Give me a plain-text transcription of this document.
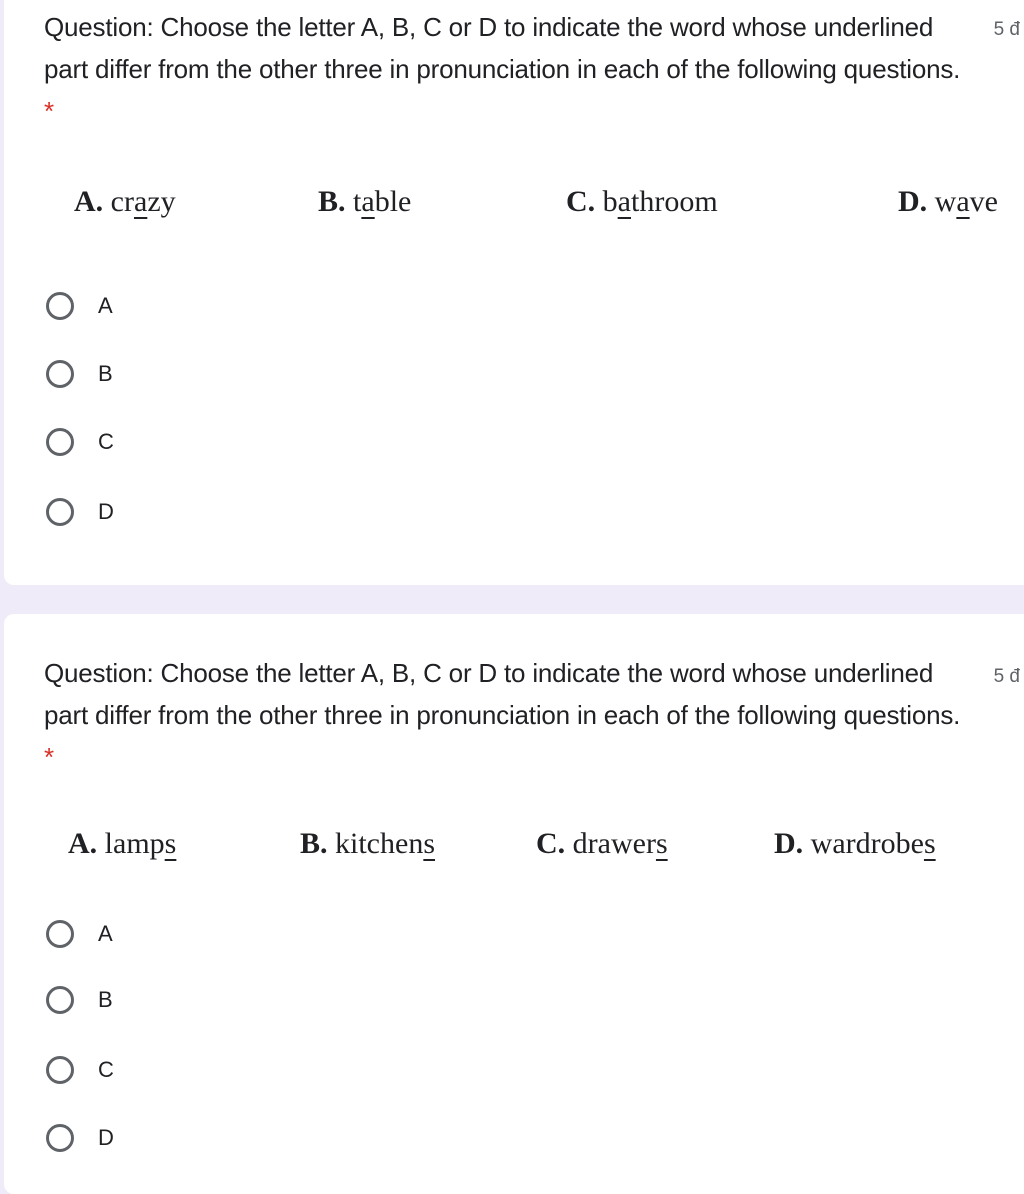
Question: Choose the letter A, B, C or D to indicate the word whose underlined part differ from the other three in pronunciation in each of the following questions. *
5 đ
A. crazy	B. table	C. bathroom	D. wave
A
B
C
D
Question: Choose the letter A, B, C or D to indicate the word whose underlined part differ from the other three in pronunciation in each of the following questions. *
5 đ
A. lamps	B. kitchens	C. drawers	D. wardrobes
A
B
C
D
